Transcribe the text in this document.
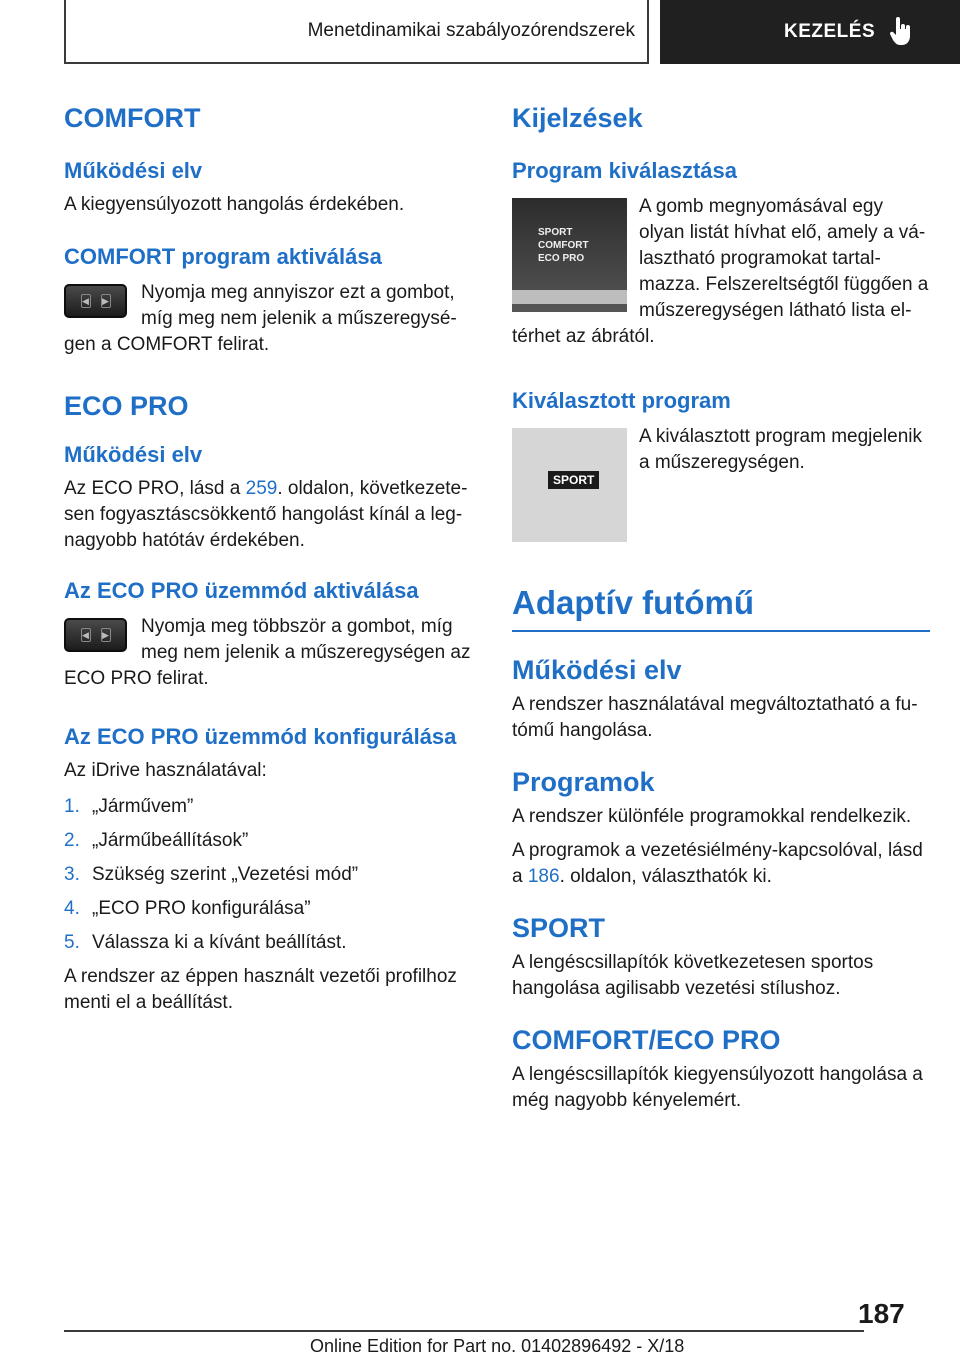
Menetdinamikai szabályozórendszerek	KEZELÉS
COMFORT
Működési elv

A kiegyensúlyozott hangolás érdekében.

COMFORT program aktiválása
◀ ▶	Nyomja meg annyiszor ezt a gombot, míg meg nem jelenik a műszeregysé-gen a COMFORT felirat.

ECO PRO
Működési elv

Az ECO PRO, lásd a 259. oldalon, következete-sen fogyasztáscsökkentő hangolást kínál a leg-nagyobb hatótáv érdekében.

Az ECO PRO üzemmód aktiválása
◀ ▶	Nyomja meg többször a gombot, míg meg nem jelenik a műszeregységen az ECO PRO felirat.

Az ECO PRO üzemmód konfigurálása

Az iDrive használatával:

1. „Járművem”
2. „Járműbeállítások”
3. Szükség szerint „Vezetési mód”
4. „ECO PRO konfigurálása”
5. Válassza ki a kívánt beállítást.

A rendszer az éppen használt vezetői profilhoz menti el a beállítást.

Kijelzések
Program kiválasztása
SPORT
COMFORT
ECO PRO

A gomb megnyomásával egy olyan listát hívhat elő, amely a vá-lasztható programokat tartal-mazza. Felszereltségtől függően a műszeregységen látható lista el-térhet az ábrától.

Kiválasztott program
SPORT

A kiválasztott program megjelenik a műszeregységen.

Adaptív futómű
Működési elv

A rendszer használatával megváltoztatható a fu-tómű hangolása.

Programok

A rendszer különféle programokkal rendelkezik.

A programok a vezetésiélmény-kapcsolóval, lásd a 186. oldalon, választhatók ki.

SPORT

A lengéscsillapítók következetesen sportos hangolása agilisabb vezetési stílushoz.

COMFORT/ECO PRO

A lengéscsillapítók kiegyensúlyozott hangolása a még nagyobb kényelemért.

187
Online Edition for Part no. 01402896492 - X/18
